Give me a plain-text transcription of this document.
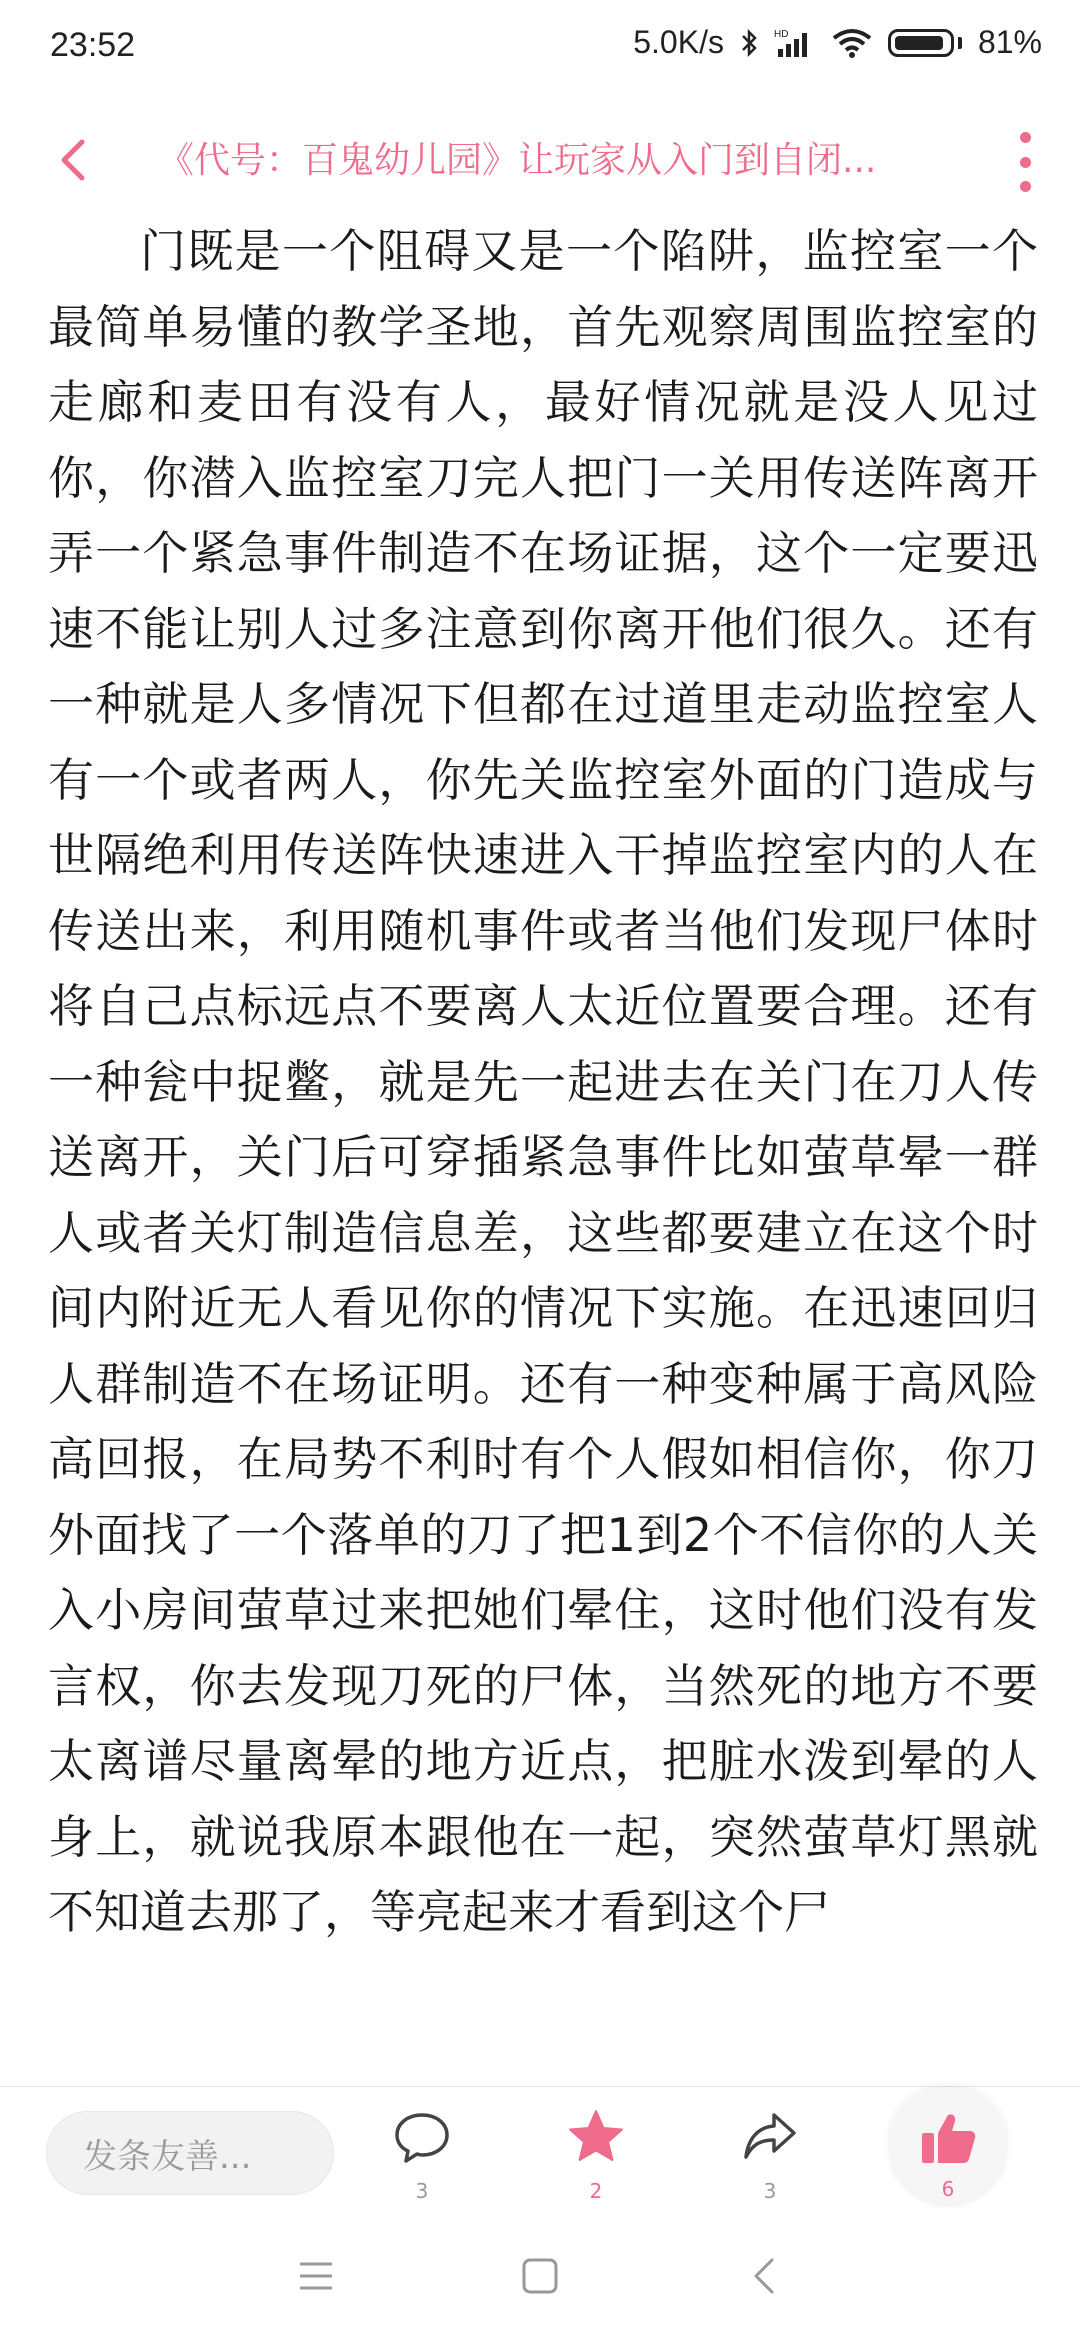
23:52	5.0K/s	HD	81%
《代号：百鬼幼儿园》让玩家从入门到自闭...

门既是一个阻碍又是一个陷阱，监控室一个最简单易懂的教学圣地，首先观察周围监控室的走廊和麦田有没有人，最好情况就是没人见过你，你潜入监控室刀完人把门一关用传送阵离开弄一个紧急事件制造不在场证据，这个一定要迅速不能让别人过多注意到你离开他们很久。还有一种就是人多情况下但都在过道里走动监控室人有一个或者两人，你先关监控室外面的门造成与世隔绝利用传送阵快速进入干掉监控室内的人在传送出来，利用随机事件或者当他们发现尸体时将自己点标远点不要离人太近位置要合理。还有一种瓮中捉鳖，就是先一起进去在关门在刀人传送离开，关门后可穿插紧急事件比如萤草晕一群人或者关灯制造信息差，这些都要建立在这个时间内附近无人看见你的情况下实施。在迅速回归人群制造不在场证明。还有一种变种属于高风险高回报，在局势不利时有个人假如相信你，你刀外面找了一个落单的刀了把1到2个不信你的人关入小房间萤草过来把她们晕住，这时他们没有发言权，你去发现刀死的尸体，当然死的地方不要太离谱尽量离晕的地方近点，把脏水泼到晕的人身上，就说我原本跟他在一起，突然萤草灯黑就不知道去那了，等亮起来才看到这个尸

发条友善...
3	2	3	6
